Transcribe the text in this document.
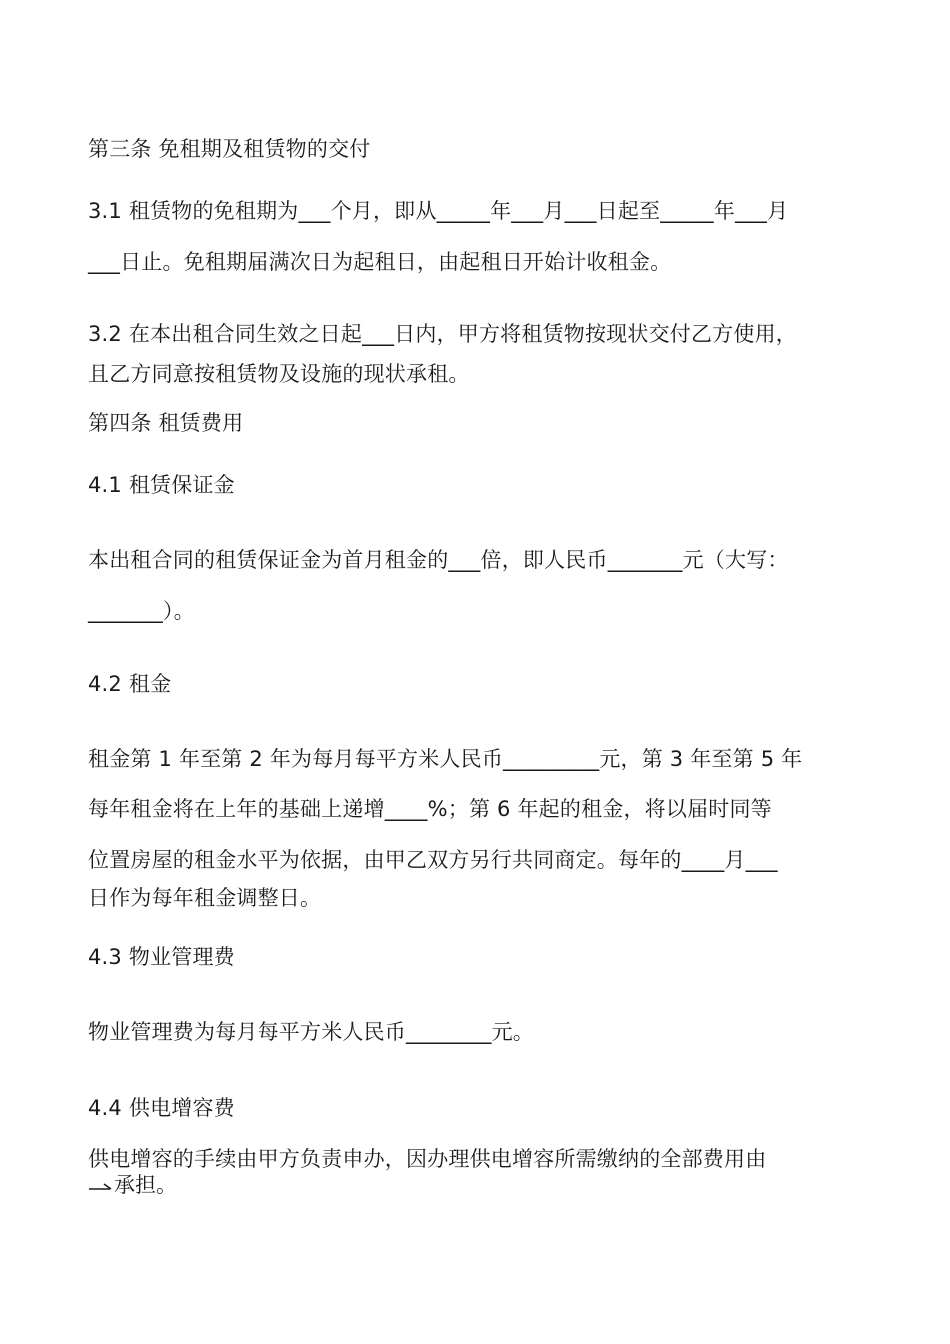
第三条 免租期及租赁物的交付
3.1 租赁物的免租期为___个月，即从_____年___月___日起至_____年___月
___日止。免租期届满次日为起租日，由起租日开始计收租金。
3.2 在本出租合同生效之日起___日内，甲方将租赁物按现状交付乙方使用，
且乙方同意按租赁物及设施的现状承租。
第四条 租赁费用
4.1 租赁保证金
本出租合同的租赁保证金为首月租金的___倍，即人民币_______元（大写：
_______）。
4.2 租金
租金第 1 年至第 2 年为每月每平方米人民币_________元，第 3 年至第 5 年
每年租金将在上年的基础上递增____%；第 6 年起的租金，将以届时同等
位置房屋的租金水平为依据，由甲乙双方另行共同商定。每年的____月___
日作为每年租金调整日。
4.3 物业管理费
物业管理费为每月每平方米人民币________元。
4.4 供电增容费
供电增容的手续由甲方负责申办，因办理供电增容所需缴纳的全部费用由
承担。
